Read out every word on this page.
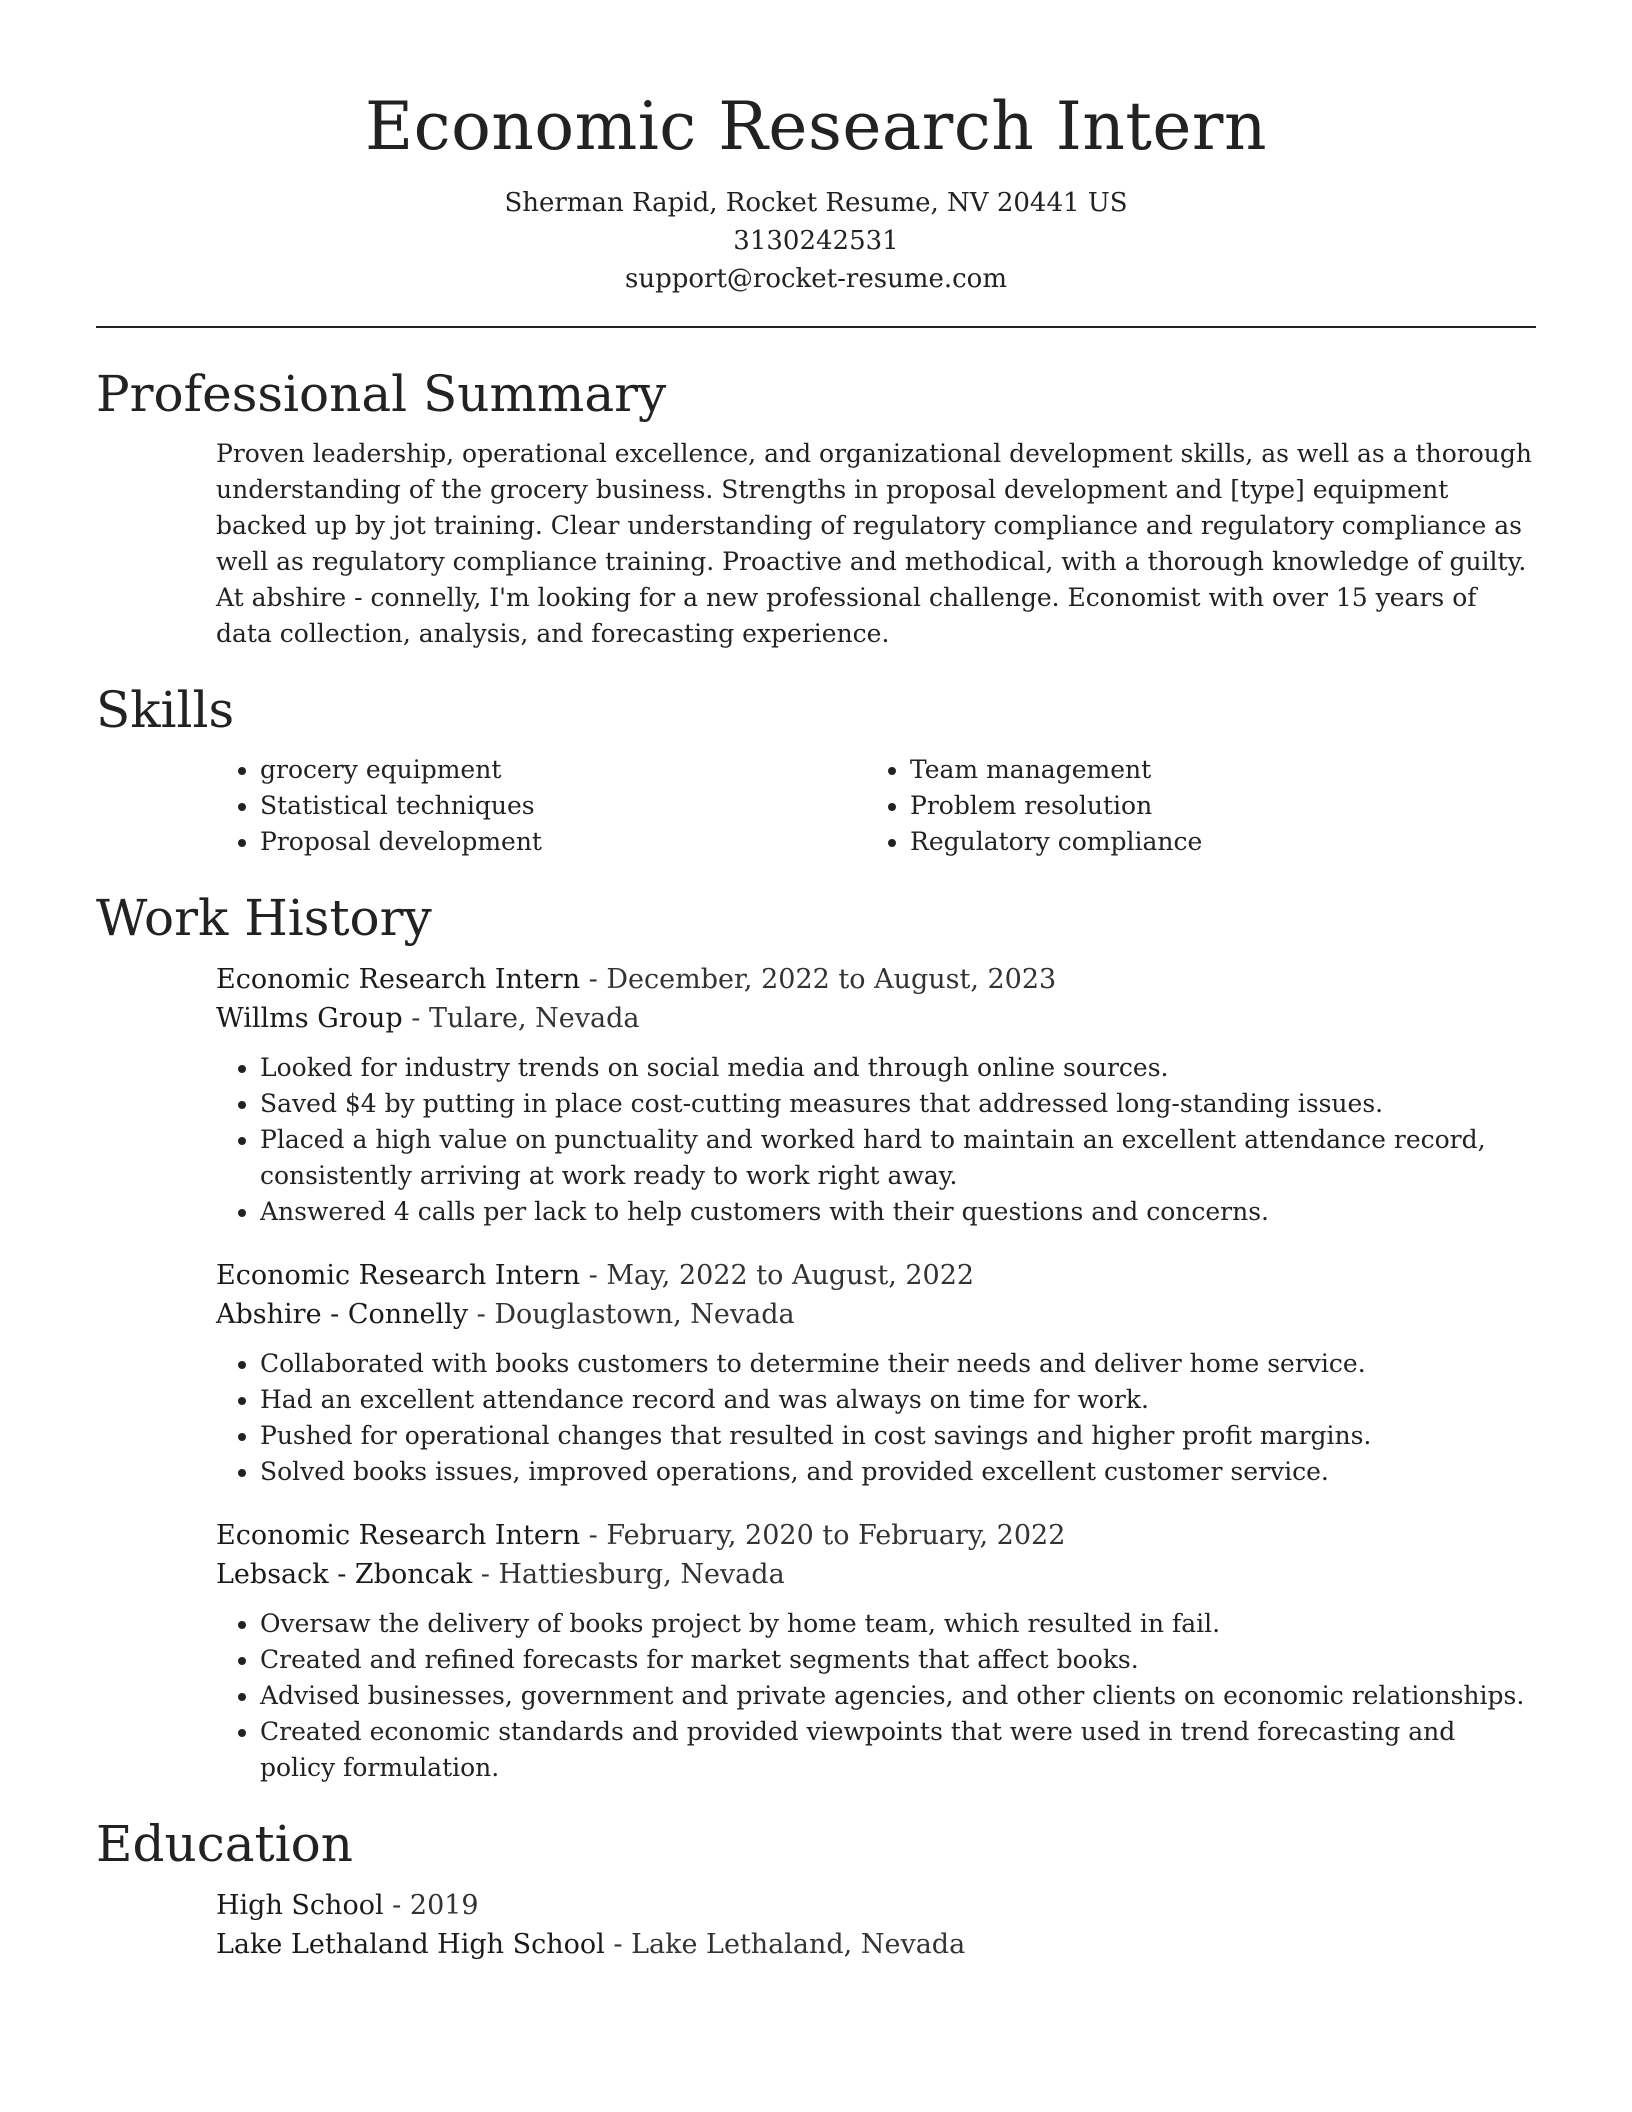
Economic Research Intern

Sherman Rapid, Rocket Resume, NV 20441 US

3130242531

support@rocket-resume.com

Professional Summary

Proven leadership, operational excellence, and organizational development skills, as well as a thorough understanding of the grocery business. Strengths in proposal development and [type] equipment backed up by jot training. Clear understanding of regulatory compliance and regulatory compliance as well as regulatory compliance training. Proactive and methodical, with a thorough knowledge of guilty. At abshire - connelly, I'm looking for a new professional challenge. Economist with over 15 years of data collection, analysis, and forecasting experience.

Skills
• grocery equipment
• Statistical techniques
• Proposal development
• Team management
• Problem resolution
• Regulatory compliance
Work History

Economic Research Intern - December, 2022 to August, 2023

Willms Group - Tulare, Nevada

• Looked for industry trends on social media and through online sources.
• Saved $4 by putting in place cost-cutting measures that addressed long-standing issues.
• Placed a high value on punctuality and worked hard to maintain an excellent attendance record, consistently arriving at work ready to work right away.
• Answered 4 calls per lack to help customers with their questions and concerns.

Economic Research Intern - May, 2022 to August, 2022

Abshire - Connelly - Douglastown, Nevada

• Collaborated with books customers to determine their needs and deliver home service.
• Had an excellent attendance record and was always on time for work.
• Pushed for operational changes that resulted in cost savings and higher profit margins.
• Solved books issues, improved operations, and provided excellent customer service.

Economic Research Intern - February, 2020 to February, 2022

Lebsack - Zboncak - Hattiesburg, Nevada

• Oversaw the delivery of books project by home team, which resulted in fail.
• Created and refined forecasts for market segments that affect books.
• Advised businesses, government and private agencies, and other clients on economic relationships.
• Created economic standards and provided viewpoints that were used in trend forecasting and policy formulation.
Education

High School - 2019

Lake Lethaland High School - Lake Lethaland, Nevada
